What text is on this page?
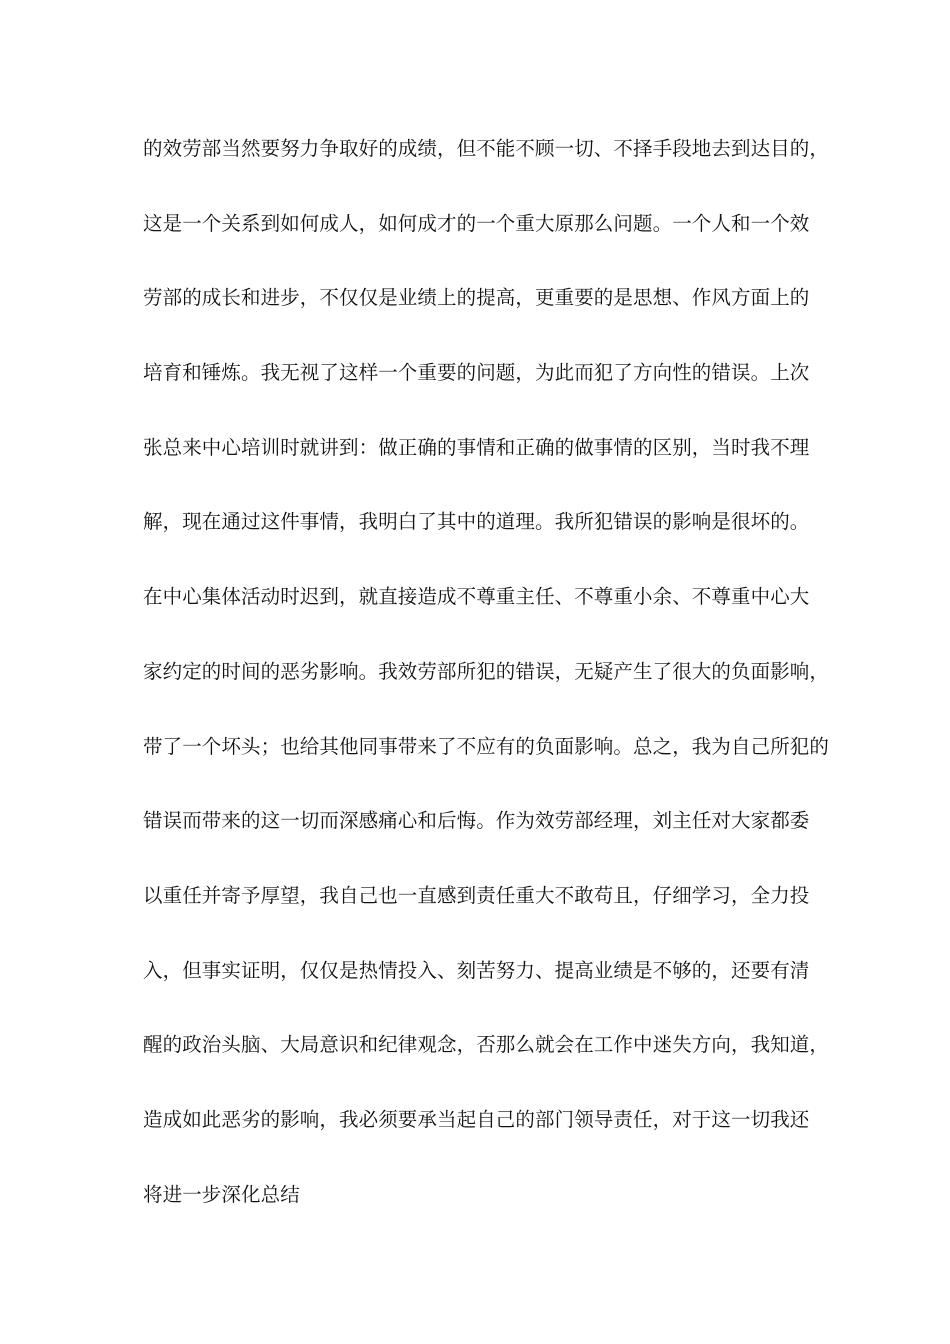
的效劳部当然要努力争取好的成绩，但不能不顾一切、不择手段地去到达目的，

这是一个关系到如何成人，如何成才的一个重大原那么问题。一个人和一个效

劳部的成长和进步，不仅仅是业绩上的提高，更重要的是思想、作风方面上的

培育和锤炼。我无视了这样一个重要的问题，为此而犯了方向性的错误。上次

张总来中心培训时就讲到：做正确的事情和正确的做事情的区别，当时我不理

解，现在通过这件事情，我明白了其中的道理。我所犯错误的影响是很坏的。

在中心集体活动时迟到，就直接造成不尊重主任、不尊重小余、不尊重中心大

家约定的时间的恶劣影响。我效劳部所犯的错误，无疑产生了很大的负面影响，

带了一个坏头；也给其他同事带来了不应有的负面影响。总之，我为自己所犯的

错误而带来的这一切而深感痛心和后悔。作为效劳部经理，刘主任对大家都委

以重任并寄予厚望，我自己也一直感到责任重大不敢苟且，仔细学习，全力投

入，但事实证明，仅仅是热情投入、刻苦努力、提高业绩是不够的，还要有清

醒的政治头脑、大局意识和纪律观念，否那么就会在工作中迷失方向，我知道，

造成如此恶劣的影响，我必须要承当起自己的部门领导责任，对于这一切我还

将进一步深化总结
